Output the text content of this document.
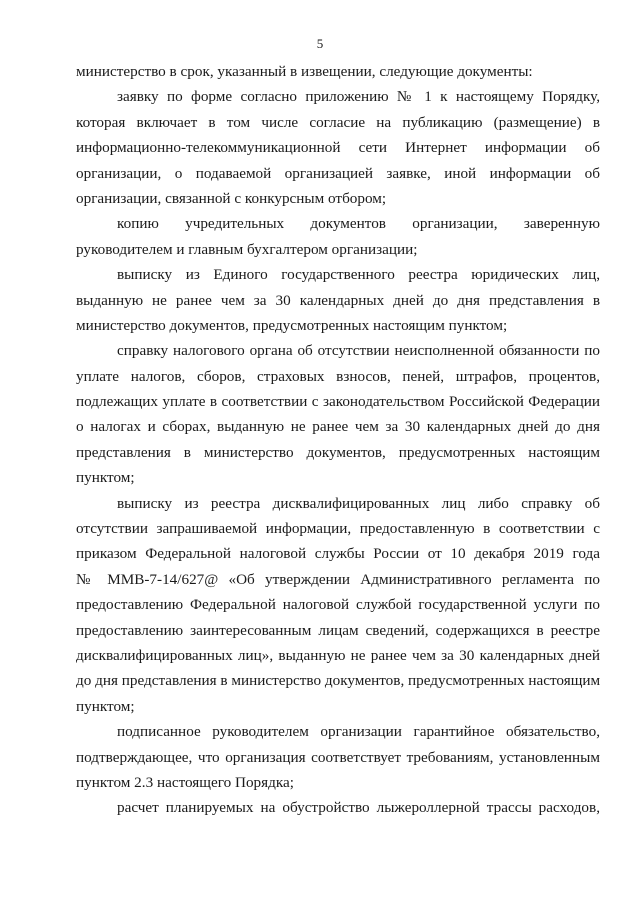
5
министерство в срок, указанный в извещении, следующие документы:
заявку по форме согласно приложению № 1 к настоящему Порядку,
которая включает в том числе согласие на публикацию (размещение) в
информационно-телекоммуникационной сети Интернет информации об
организации, о подаваемой организацией заявке, иной информации об
организации, связанной с конкурсным отбором;
копию учредительных документов организации, заверенную
руководителем и главным бухгалтером организации;
выписку из Единого государственного реестра юридических лиц,
выданную не ранее чем за 30 календарных дней до дня представления в
министерство документов, предусмотренных настоящим пунктом;
справку налогового органа об отсутствии неисполненной обязанности по
уплате налогов, сборов, страховых взносов, пеней, штрафов, процентов,
подлежащих уплате в соответствии с законодательством Российской Федерации
о налогах и сборах, выданную не ранее чем за 30 календарных дней до дня
представления в министерство документов, предусмотренных настоящим
пунктом;
выписку из реестра дисквалифицированных лиц либо справку об
отсутствии запрашиваемой информации, предоставленную в соответствии с
приказом Федеральной налоговой службы России от 10 декабря 2019 года
№ ММВ-7-14/627@ «Об утверждении Административного регламента по
предоставлению Федеральной налоговой службой государственной услуги по
предоставлению заинтересованным лицам сведений, содержащихся в реестре
дисквалифицированных лиц», выданную не ранее чем за 30 календарных дней
до дня представления в министерство документов, предусмотренных настоящим
пунктом;
подписанное руководителем организации гарантийное обязательство,
подтверждающее, что организация соответствует требованиям, установленным
пунктом 2.3 настоящего Порядка;
расчет планируемых на обустройство лыжероллерной трассы расходов,
